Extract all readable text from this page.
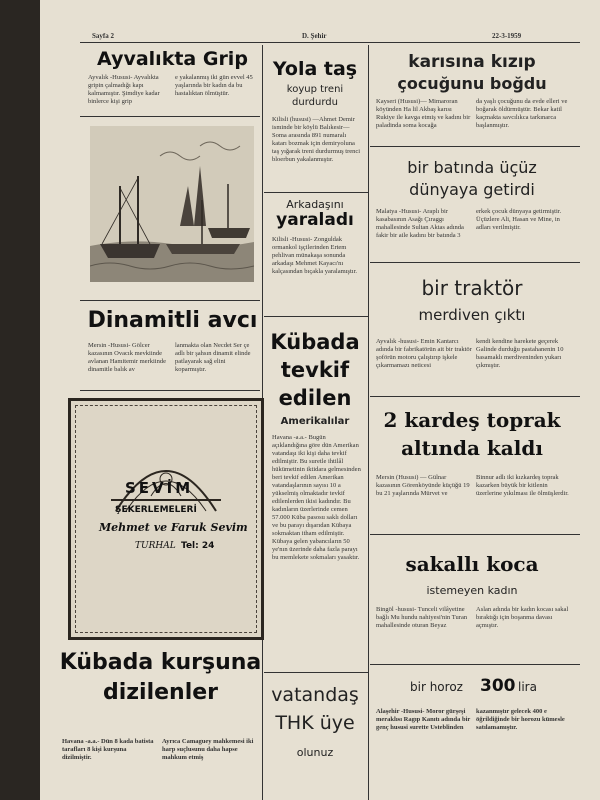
Sayfa 2	D. Şehir	22-3-1959
Ayvalıkta Grip
Ayvalık -Hususi- Ayvalıkta gripin çalmadığı kapı kalmamıştır. Şimdiye kadar binlerce kişi grip
e yakalanmış iki gün evvel 45 yaşlarında bir kadın da bu hastalıktan ölmüştür.
Dinamitli avcı
Mersin -Hususi- Gölcer kazasının Ovacık mevkiinde avlanan Hamitemir merkiinde dinamitle balık av
lanmakta olan Necdet Ser çe adlı bir şahsın dinamit elinde patlayarak sağ elini koparmıştır.
SEVİM
ŞEKERLEMELERİ
Mehmet ve Faruk Sevim
TURHAL Tel: 24
Kübada kurşuna
dizilenler
Havana -a.a.- Dün 8 kada batista tarafları 8 kişi kurşuna dizilmiştir.
Ayrıca Camaguey mahkemesi iki harp suçlusunu daha hapse mahkum etmiş
Yola taş
koyup treni
durdurdu
Kilisli (hususi) —Ahmet Demir isminde bir köylü Balıkesir—Soma arasında 891 numaralı katarı bozmak için demiryoluna taş yığarak treni durdurmuş trenci bloerbun yakalanmıştır.
Arkadaşını
yaraladı
Kilisli -Hususi- Zonguldak ormankol işçilerinden Ertem pehlivan münakaşa sonunda arkadaşı Mehmet Kayacı'nı kalçasından bıçakla yaralamıştır.
Kübada
tevkif
edilen
Amerikalılar
Havana -a.a.- Bugün açıklandığına göre dün Amerikan vatandaşı iki kişi daha tevkif edilmiştir. Bu suretle ihtilâl hükümetinin iktidara gelmesinden beri tevkif edilen Amerikan vatandaşlarının sayısı 10 a yükselmiş olmaktadır tevkif edilenlerden ikisi kadındır. Bu kadınların üzerlerinde cemen 57.000 Küba pasosu saklı dolları ve bu parayı dışarıdan Kübaya sokmaktan itham edilmiştir. Kübaya gelen yabancıların 50 ye'nın üzerinde daha fazla parayı bu memlekete sokmaları yasaktır.
vatandaş
THK üye
olunuz
karısına kızıp
çocuğunu boğdu
Kayseri (Hususi)— Mimaroran köyünden Ha lil Akbaş karısı Rukiye ile kavga etmiş ve kadını bir paladinda soma kocağa
da yaşlı çocuğunu da evde elleri ve boğarak öldürmüştür. Bekar katil kaçmakta savcılıkca tarkınarca başlanmıştır.
bir batında üçüz
dünyaya getirdi
Malatya -Hususi- Araplı bir kasabasının Asağı Çıraggı mahallesinde Sultan Aktas adında fakir bir aile kadını bir batında 3
erkek çocuk dünyaya getirmiştir. Üçüzlere Ali, Hasan ve Mine, in adları verilmiştir.
bir traktör
merdiven çıktı
Ayvalık -hususi- Emin Kantarcı adında bir fabrikatörün ait bir traktör şoförün motoru çalıştırıp işkele çıkarmamazı neticesi
kendi kendine harekete geçerek Galinde durduğu pastahanenin 10 basamaklı merdiveninden yukarı çıkmıştır.
2 kardeş toprak
altında kaldı
Mersin (Hususi) — Gülnar kazasının Görenköyünde küçüğü 19 bu 21 yaşlarında Mürvet ve
Binnur adlı iki kızkardeş toprak kazarken büyük bir kitlenin üzerlerine yıkılması ile ölmüşlerdir.
sakallı koca
istemeyen kadın
Bingöl -hususi- Tunceli vilâyetine bağlı Mu hundu nahiyesi'nin Turan mahallesinde oturan Beyaz
Aslan adında bir kadın kocası sakal bıraktığı için boşanma davası açmıştır.
bir horoz 300 lira
Alaşehir -Hususi- Moror gürşeşi meraklısı Ragıp Kanıtı adında bir genç hususi surette Usteblinden
kazanmıştır gelecek 400 e öğrildiğinde bir horozu kümesle satılamamıştır.
